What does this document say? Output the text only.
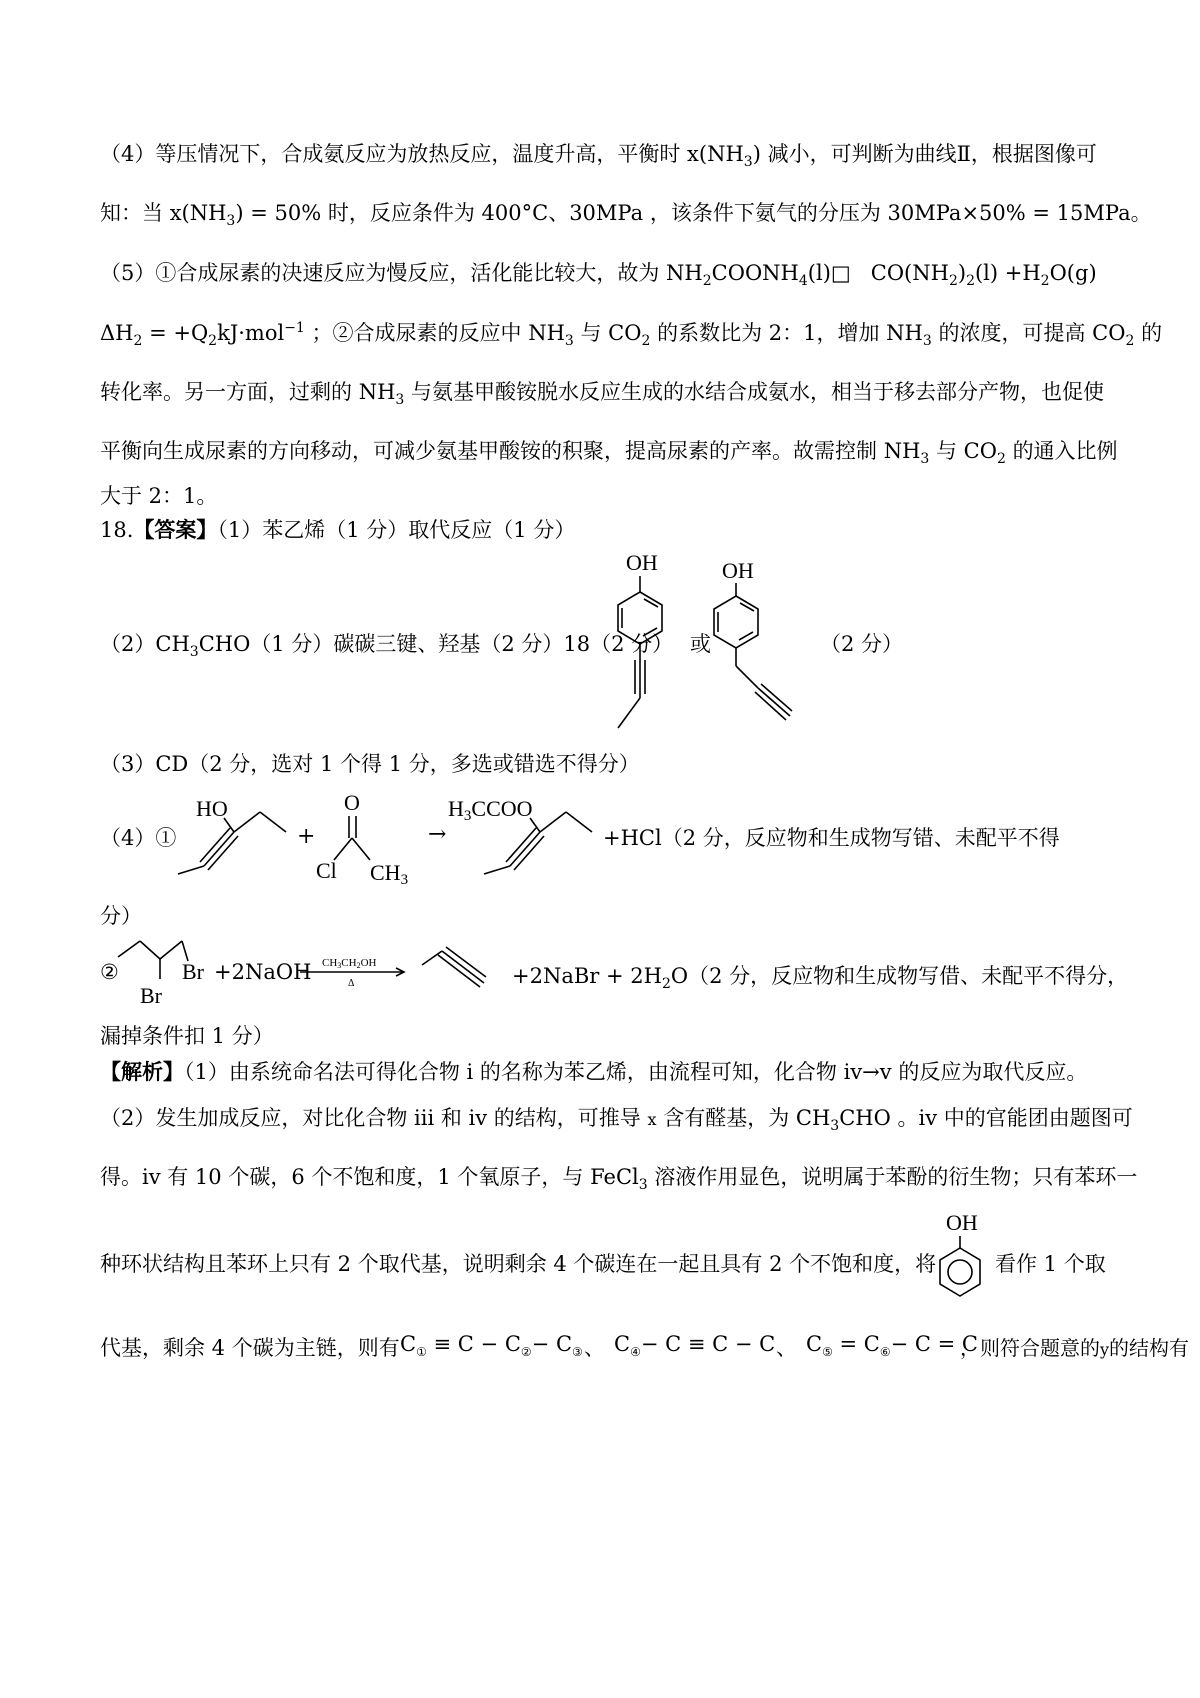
（4）等压情况下，合成氨反应为放热反应，温度升高，平衡时 $x(NH_3)$ 减小，可判断为曲线Ⅱ，根据图像可
知：当 $x(NH_3) = 50\%$ 时，反应条件为 400°C、30MPa ，该条件下氨气的分压为 30MPa×50% = 15MPa。
（5）①合成尿素的决速反应为慢反应，活化能比较大，故为 $NH_2COONH_4(l)□$   $CO(NH_2)_2(l) +H_2O(g)$
$\Delta H_2 = +Q_2kJ\cdot mol^{-1}$ ；②合成尿素的反应中 $NH_3$ 与 $CO_2$ 的系数比为 2：1，增加 $NH_3$ 的浓度，可提高 $CO_2$ 的
转化率。另一方面，过剩的 $NH_3$ 与氨基甲酸铵脱水反应生成的水结合成氨水，相当于移去部分产物，也促使
平衡向生成尿素的方向移动，可减少氨基甲酸铵的积聚，提高尿素的产率。故需控制 $NH_3$ 与 $CO_2$ 的通入比例
大于 2：1。
18.【答案】（1）苯乙烯（1 分）取代反应（1 分）
$(2)CH_3CHO(1$ 分）碳碳三键、羟基（2 分）18（2 分）
OH
或
OH
（2 分）
（3）CD（2 分，选对 1 个得 1 分，多选或错选不得分）
（4）①
HO
+
O
Cl CH3
→
H3CCOO
+HCl（2 分，反应物和生成物写错、未配平不得
分）
②	Br
Br
+2NaOH CH3CH2OH
Δ	+2NaBr + $2H_2O(2$ 分，反应物和生成物写借、未配平不得分，
漏掉条件扣 1 分）
【解析】（1）由系统命名法可得化合物 i 的名称为苯乙烯，由流程可知，化合物 iv→v 的反应为取代反应。
（2）发生加成反应，对比化合物 iii 和 iv 的结构，可推导 x 含有醛基，为 $CH_3CHO$ 。iv 中的官能团由题图可
得。iv 有 10 个碳，6 个不饱和度，1 个氧原子，与 FeCl$_3$ 溶液作用显色，说明属于苯酚的衍生物；只有苯环一
种环状结构且苯环上只有 2 个取代基，说明剩余 4 个碳连在一起且具有 2 个不饱和度，将
OH
看作 1 个取
代基，剩余 4 个碳为主链，则有 $C_① \equiv C - C_②- C_③$ 、 $C_④- C \equiv C - C$ 、 $C_⑤ = C_⑥- C = C$
，则符合题意的y的结构有
